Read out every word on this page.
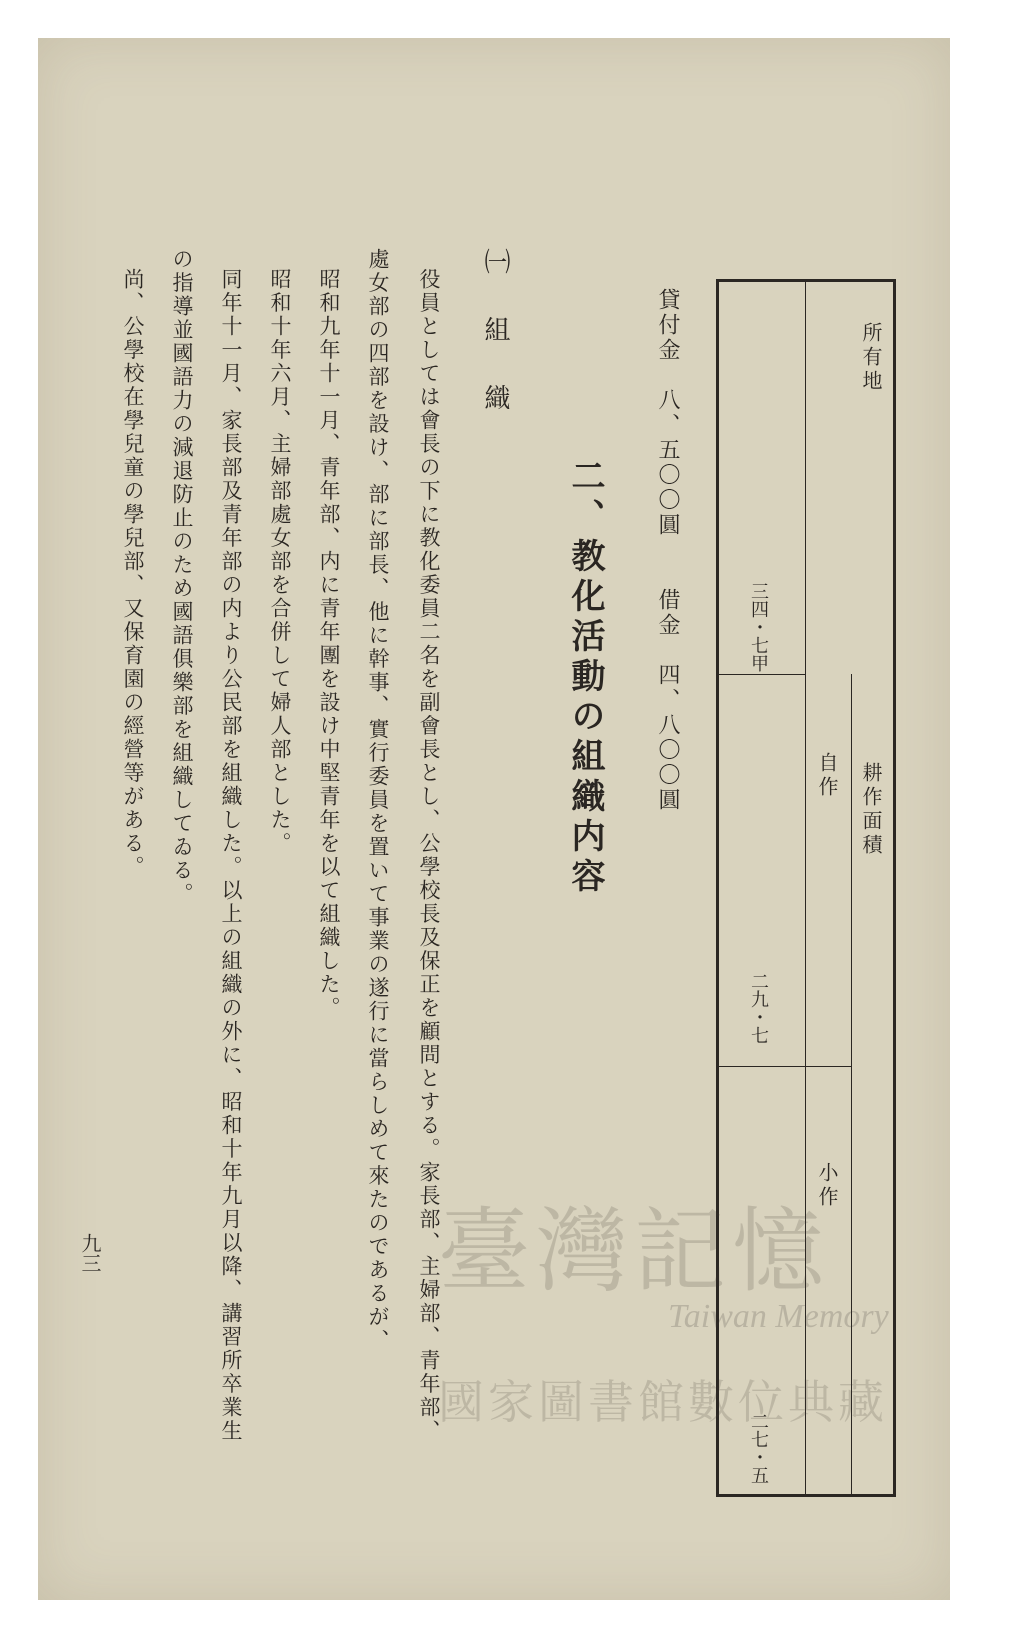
所有地
耕作面積
自作
小作
三四・七甲
二九・七
二七・五
貸付金　八、五〇〇圓　　借金　四、八〇〇圓
二、教化活動の組織内容
㈠　組　織
役員としては會長の下に教化委員二名を副會長とし、公學校長及保正を顧問とする。家長部、主婦部、青年部、
處女部の四部を設け、部に部長、他に幹事、實行委員を置いて事業の遂行に當らしめて來たのであるが、
昭和九年十一月、青年部、内に青年團を設け中堅青年を以て組織した。
昭和十年六月、主婦部處女部を合併して婦人部とした。
同年十一月、家長部及青年部の内より公民部を組織した。以上の組織の外に、昭和十年九月以降、講習所卒業生
の指導並國語力の減退防止のため國語俱樂部を組織してゐる。
尚、公學校在學兒童の學兒部、又保育園の經營等がある。
九三	臺灣記憶
Taiwan Memory
國家圖書館數位典藏
